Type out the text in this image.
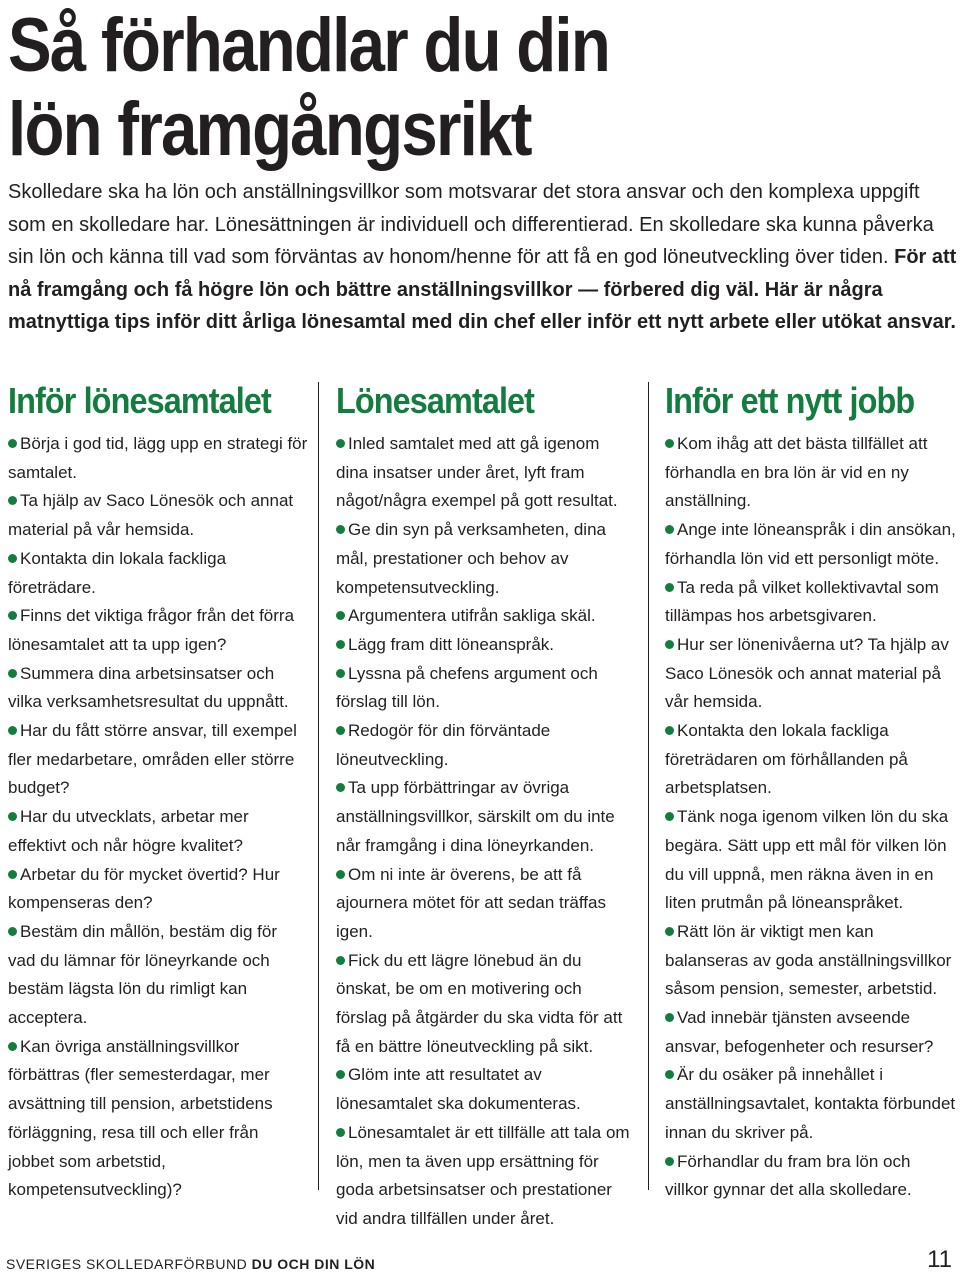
Så förhandlar du din
lön framgångsrikt

Skolledare ska ha lön och anställningsvillkor som motsvarar det stora ansvar och den komplexa uppgift som en skolledare har. Lönesättningen är individuell och differentierad. En skolledare ska kunna påverka sin lön och känna till vad som förväntas av honom/henne för att få en god löneutveckling över tiden. För att nå framgång och få högre lön och bättre anställningsvillkor — förbered dig väl. Här är några matnyttiga tips inför ditt årliga lönesamtal med din chef eller inför ett nytt arbete eller utökat ansvar.

Inför lönesamtalet
Börja i god tid, lägg upp en strategi för samtalet.
Ta hjälp av Saco Lönesök och annat material på vår hemsida.
Kontakta din lokala fackliga företrädare.
Finns det viktiga frågor från det förra lönesamtalet att ta upp igen?
Summera dina arbetsinsatser och vilka verksamhetsresultat du uppnått.
Har du fått större ansvar, till exempel fler medarbetare, områden eller större budget?
Har du utvecklats, arbetar mer effektivt och når högre kvalitet?
Arbetar du för mycket övertid? Hur kompenseras den?
Bestäm din mållön, bestäm dig för vad du lämnar för löneyrkande och bestäm lägsta lön du rimligt kan acceptera.
Kan övriga anställningsvillkor förbättras (fler semesterdagar, mer avsättning till pension, arbetstidens förläggning, resa till och eller från jobbet som arbetstid, kompetensutveckling)?
Lönesamtalet
Inled samtalet med att gå igenom dina insatser under året, lyft fram något/några exempel på gott resultat.
Ge din syn på verksamheten, dina mål, prestationer och behov av kompetensutveckling.
Argumentera utifrån sakliga skäl.
Lägg fram ditt löneanspråk.
Lyssna på chefens argument och förslag till lön.
Redogör för din förväntade löneutveckling.
Ta upp förbättringar av övriga anställningsvillkor, särskilt om du inte når framgång i dina löneyrkanden.
Om ni inte är överens, be att få ajournera mötet för att sedan träffas igen.
Fick du ett lägre lönebud än du önskat, be om en motivering och förslag på åtgärder du ska vidta för att få en bättre löneutveckling på sikt.
Glöm inte att resultatet av lönesamtalet ska dokumenteras.
Lönesamtalet är ett tillfälle att tala om lön, men ta även upp ersättning för goda arbetsinsatser och prestationer vid andra tillfällen under året.
Inför ett nytt jobb
Kom ihåg att det bästa tillfället att förhandla en bra lön är vid en ny anställning.
Ange inte löneanspråk i din ansökan, förhandla lön vid ett personligt möte.
Ta reda på vilket kollektivavtal som tillämpas hos arbetsgivaren.
Hur ser lönenivåerna ut? Ta hjälp av Saco Lönesök och annat material på vår hemsida.
Kontakta den lokala fackliga företrädaren om förhållanden på arbetsplatsen.
Tänk noga igenom vilken lön du ska begära. Sätt upp ett mål för vilken lön du vill uppnå, men räkna även in en liten prutmån på löneanspråket.
Rätt lön är viktigt men kan balanseras av goda anställningsvillkor såsom pension, semester, arbetstid.
Vad innebär tjänsten avseende ansvar, befogenheter och resurser?
Är du osäker på innehållet i anställningsavtalet, kontakta förbundet innan du skriver på.
Förhandlar du fram bra lön och villkor gynnar det alla skolledare.
SVERIGES SKOLLEDARFÖRBUND DU OCH DIN LÖN	11
